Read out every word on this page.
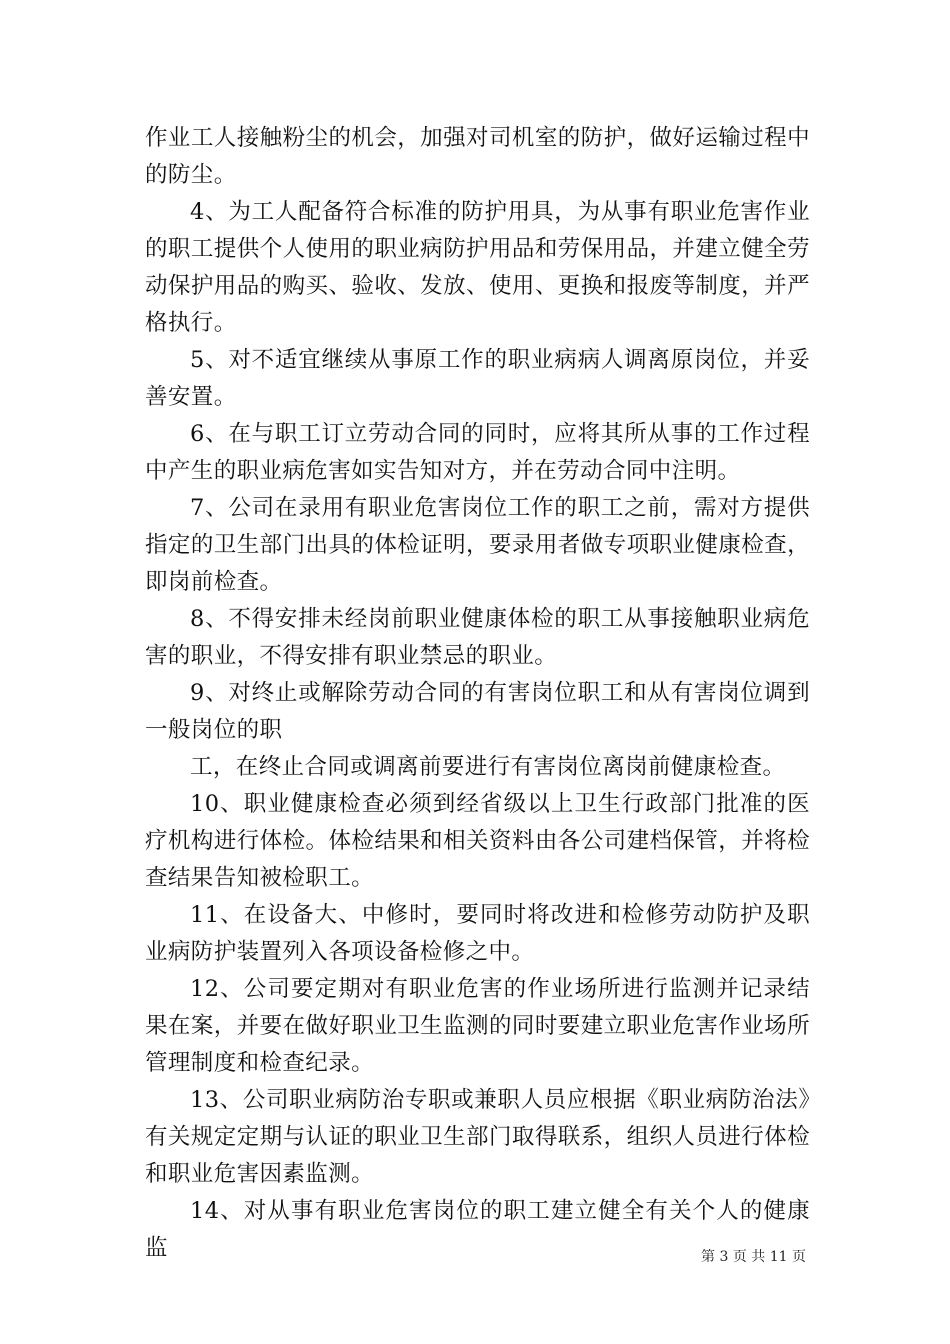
作业工人接触粉尘的机会，加强对司机室的防护，做好运输过程中的防尘。

4、为工人配备符合标准的防护用具，为从事有职业危害作业的职工提供个人使用的职业病防护用品和劳保用品，并建立健全劳动保护用品的购买、验收、发放、使用、更换和报废等制度，并严格执行。

5、对不适宜继续从事原工作的职业病病人调离原岗位，并妥善安置。

6、在与职工订立劳动合同的同时，应将其所从事的工作过程中产生的职业病危害如实告知对方，并在劳动合同中注明。

7、公司在录用有职业危害岗位工作的职工之前，需对方提供指定的卫生部门出具的体检证明，要录用者做专项职业健康检查，即岗前检查。

8、不得安排未经岗前职业健康体检的职工从事接触职业病危害的职业，不得安排有职业禁忌的职业。

9、对终止或解除劳动合同的有害岗位职工和从有害岗位调到一般岗位的职

工，在终止合同或调离前要进行有害岗位离岗前健康检查。

10、职业健康检查必须到经省级以上卫生行政部门批准的医疗机构进行体检。体检结果和相关资料由各公司建档保管，并将检查结果告知被检职工。

11、在设备大、中修时，要同时将改进和检修劳动防护及职业病防护装置列入各项设备检修之中。

12、公司要定期对有职业危害的作业场所进行监测并记录结果在案，并要在做好职业卫生监测的同时要建立职业危害作业场所管理制度和检查纪录。

13、公司职业病防治专职或兼职人员应根据《职业病防治法》有关规定定期与认证的职业卫生部门取得联系，组织人员进行体检和职业危害因素监测。

14、对从事有职业危害岗位的职工建立健全有关个人的健康监	第 3 页 共 11 页
